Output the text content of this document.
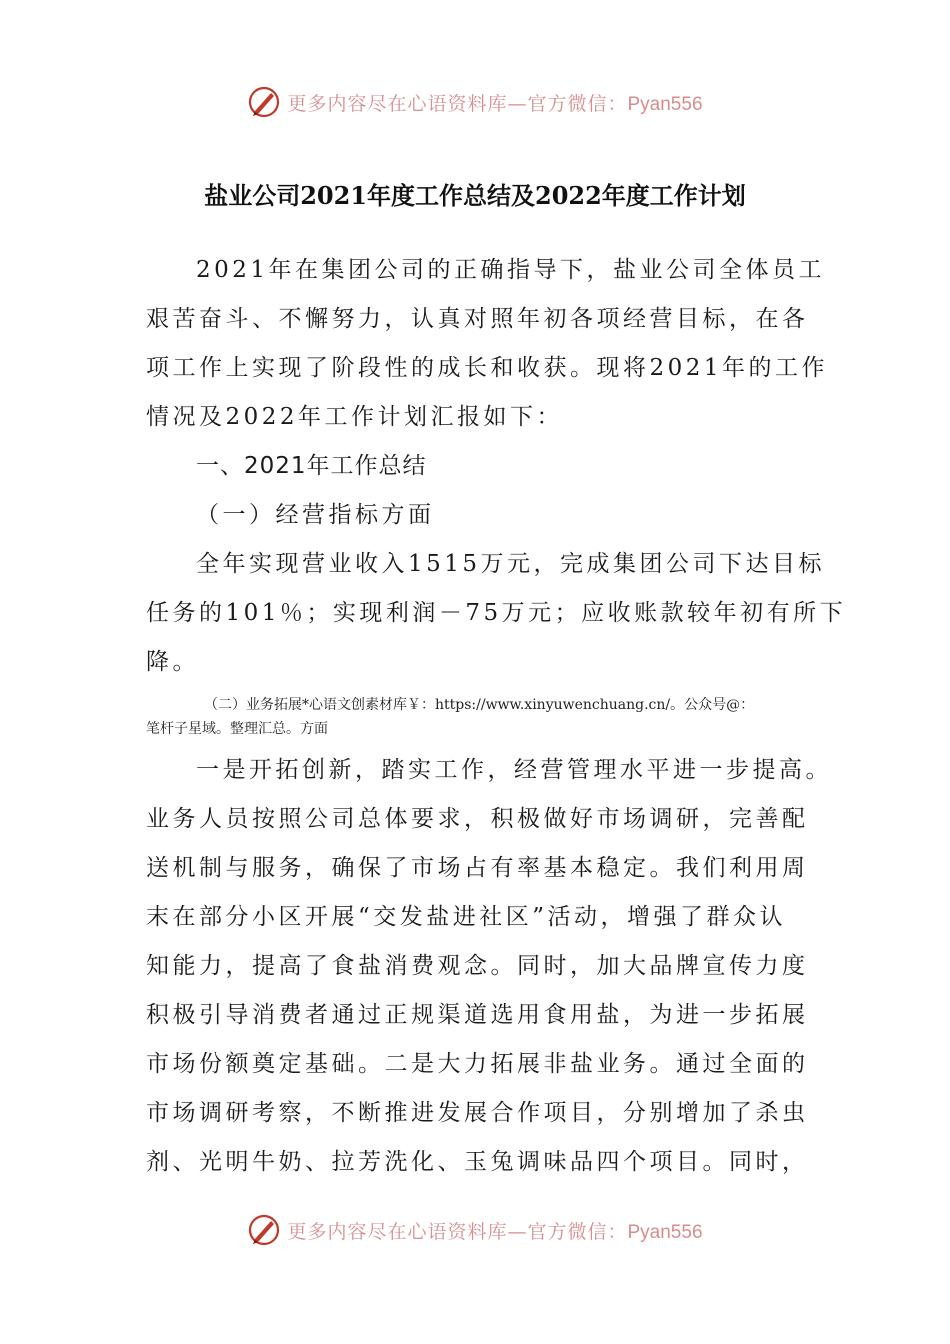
更多内容尽在心语资料库—官方微信：Pyan556
盐业公司2021年度工作总结及2022年度工作计划
2021年在集团公司的正确指导下，盐业公司全体员工
艰苦奋斗、不懈努力，认真对照年初各项经营目标，在各
项工作上实现了阶段性的成长和收获。现将2021年的工作
情况及2022年工作计划汇报如下：
一、2021年工作总结
（一）经营指标方面
全年实现营业收入1515万元，完成集团公司下达目标
任务的101％；实现利润－75万元；应收账款较年初有所下
降。
（二）业务拓展*心语文创素材库￥：https://www.xinyuwenchuang.cn/。公众号@：
笔杆子星域。整理汇总。方面
一是开拓创新，踏实工作，经营管理水平进一步提高。
业务人员按照公司总体要求，积极做好市场调研，完善配
送机制与服务，确保了市场占有率基本稳定。我们利用周
末在部分小区开展“交发盐进社区”活动，增强了群众认
知能力，提高了食盐消费观念。同时，加大品牌宣传力度
积极引导消费者通过正规渠道选用食用盐，为进一步拓展
市场份额奠定基础。二是大力拓展非盐业务。通过全面的
市场调研考察，不断推进发展合作项目，分别增加了杀虫
剂、光明牛奶、拉芳洗化、玉兔调味品四个项目。同时，
更多内容尽在心语资料库—官方微信：Pyan556
